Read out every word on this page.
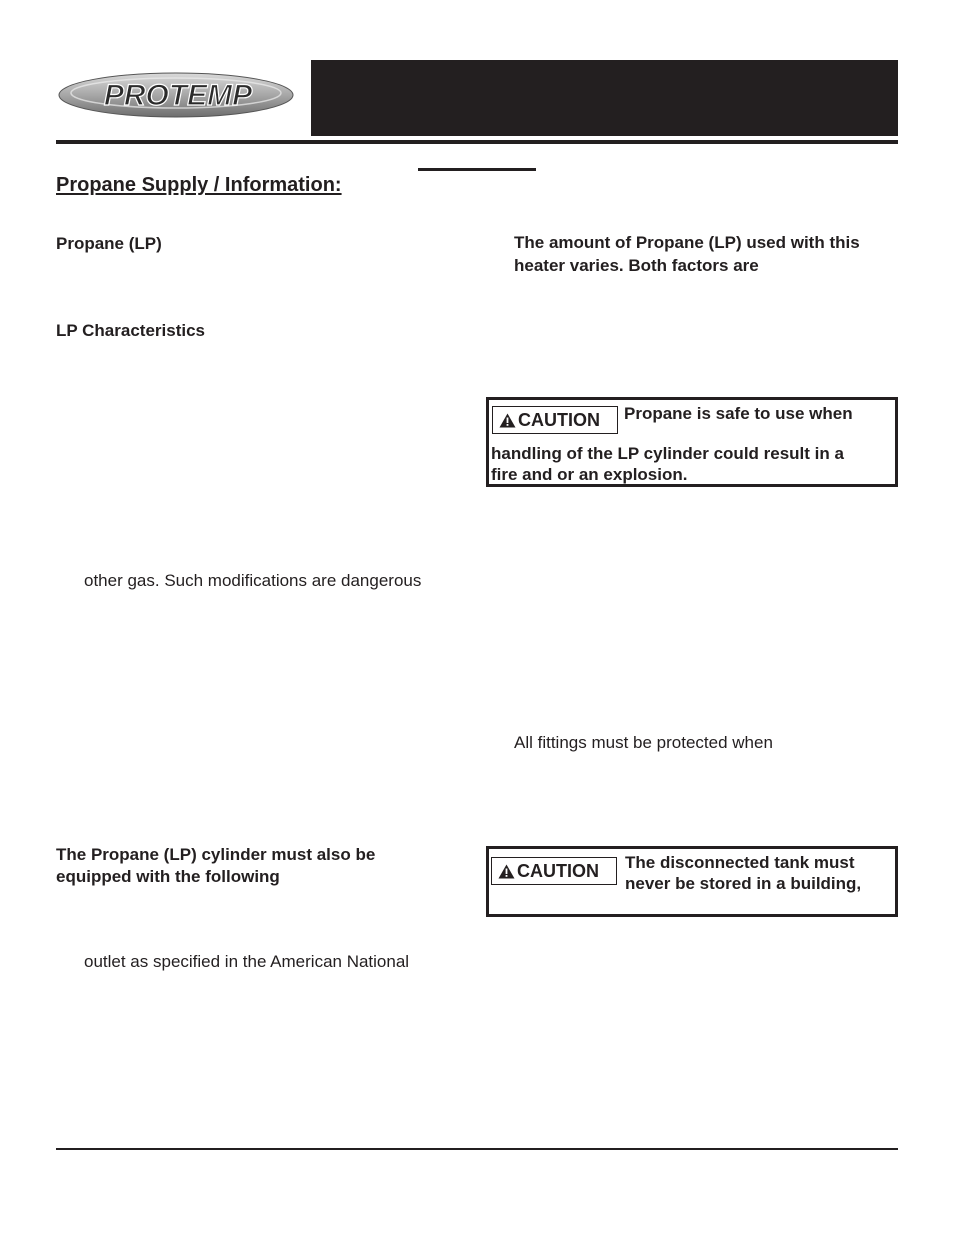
PROTEMP
Propane Supply / Information:
Propane (LP)
LP Characteristics
other gas. Such modifications are dangerous
The Propane (LP) cylinder must also be
equipped with the following
outlet as specified in the American National
The amount of Propane (LP) used with this
heater varies. Both factors are
CAUTION Propane is safe to use when
handling of the LP cylinder could result in a
fire and or an explosion.
All fittings must be protected when
CAUTION The disconnected tank must
never be stored in a building,
